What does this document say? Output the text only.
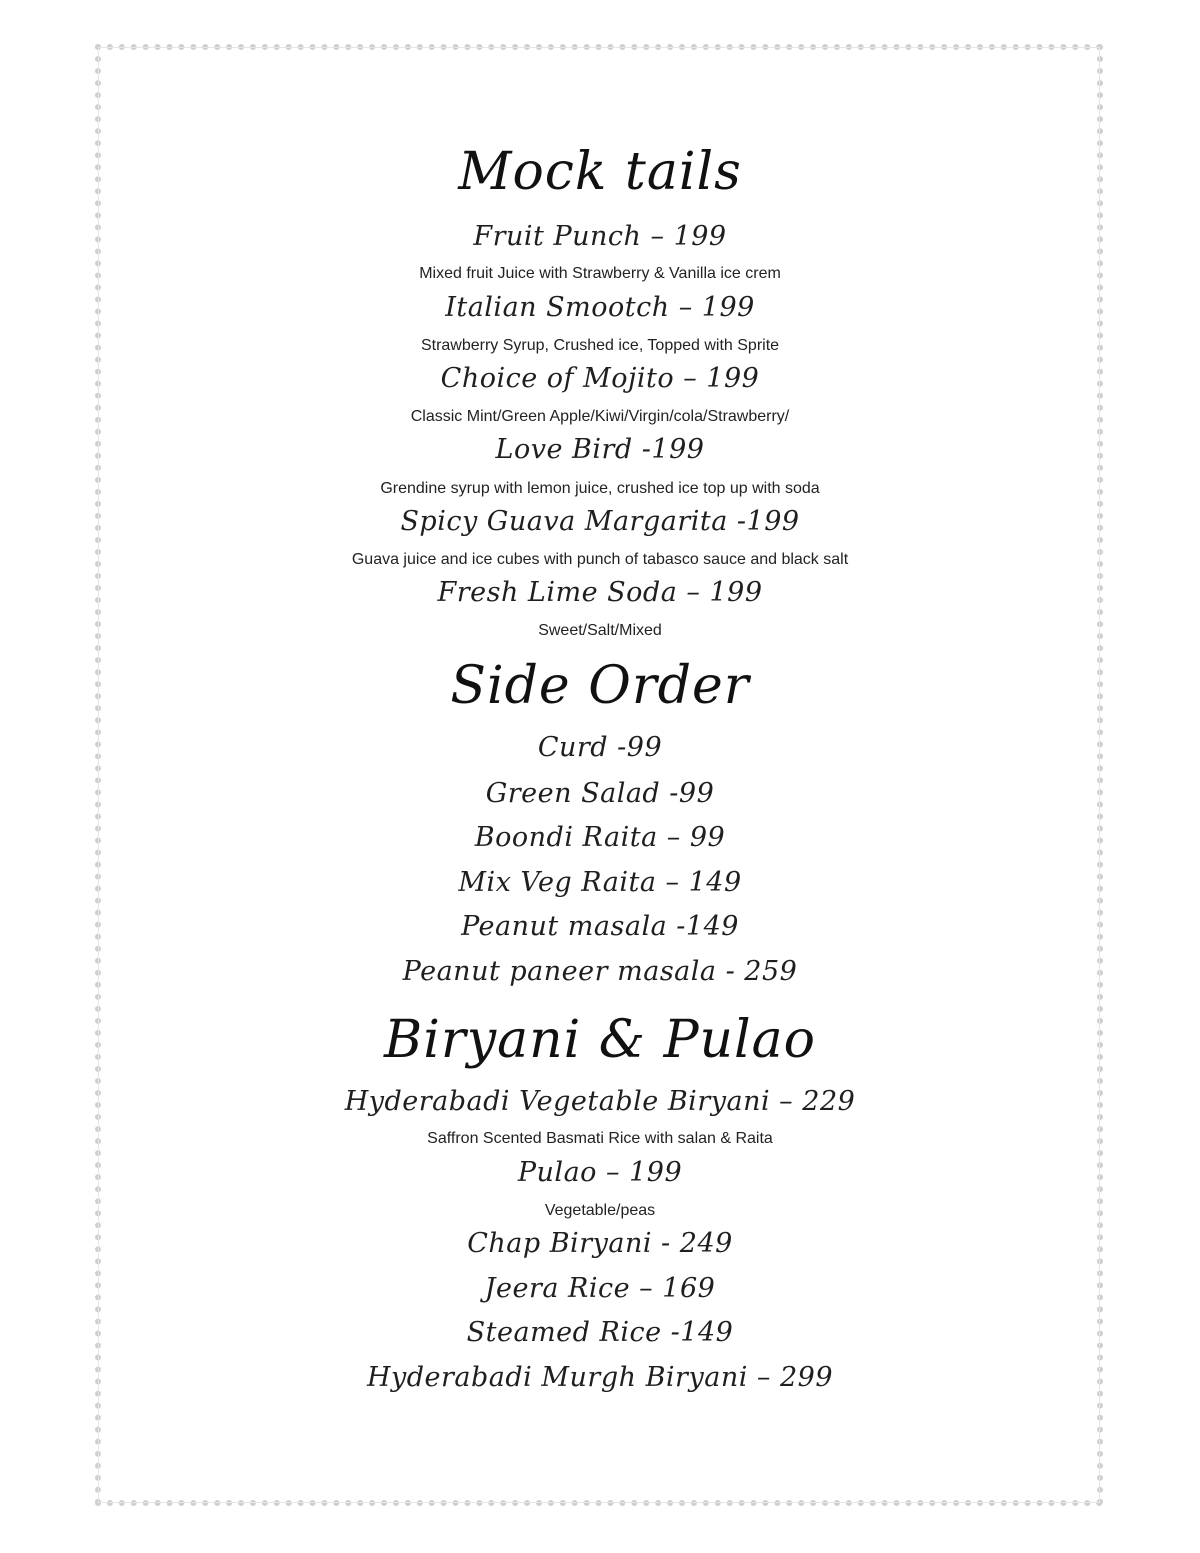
Mock tails
Fruit Punch – 199
Mixed fruit Juice with Strawberry & Vanilla ice crem
Italian Smootch – 199
Strawberry Syrup, Crushed ice, Topped with Sprite
Choice of Mojito – 199
Classic Mint/Green Apple/Kiwi/Virgin/cola/Strawberry/
Love Bird -199
Grendine syrup with lemon juice, crushed ice top up with soda
Spicy Guava Margarita -199
Guava juice and ice cubes with punch of tabasco sauce and black salt
Fresh Lime Soda – 199
Sweet/Salt/Mixed
Side Order
Curd -99
Green Salad -99
Boondi Raita – 99
Mix Veg Raita – 149
Peanut masala -149
Peanut paneer masala - 259
Biryani & Pulao
Hyderabadi Vegetable Biryani – 229
Saffron Scented Basmati Rice with salan & Raita
Pulao – 199
Vegetable/peas
Chap Biryani - 249
Jeera Rice – 169
Steamed Rice -149
Hyderabadi Murgh Biryani – 299
